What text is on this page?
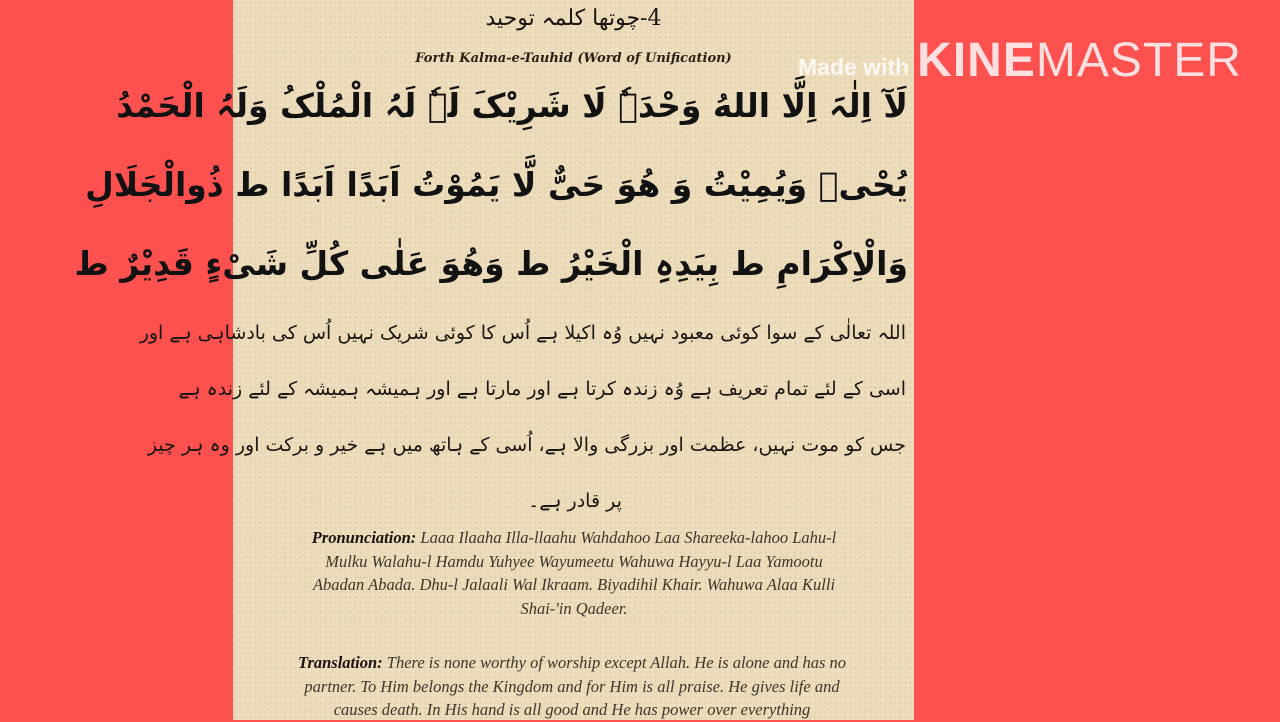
4-چوتھا کلمہ توحید
Forth Kalma-e-Tauhid (Word of Unification)
لَآ اِلٰہَ اِلَّا اللهُ وَحْدَہٗ لَا شَرِیْکَ لَہٗ لَہُ الْمُلْکُ وَلَہُ الْحَمْدُ
یُحْیٖ وَیُمِیْتُ وَ ھُوَ حَیٌّ لَّا یَمُوْتُ اَبَدًا اَبَدًا ط ذُوالْجَلَالِ
وَالْاِکْرَامِ ط بِیَدِہِ الْخَیْرُ ط وَھُوَ عَلٰی کُلِّ شَیْءٍ قَدِیْرٌ ط
اللہ تعالٰی کے سوا کوئی معبود نہیں وُہ اکیلا ہے اُس کا کوئی شریک نہیں اُس کی بادشاہی ہے اور
اسی کے لئے تمام تعریف ہے وُہ زندہ کرتا ہے اور مارتا ہے اور ہمیشہ ہمیشہ کے لئے زندہ ہے
جس کو موت نہیں، عظمت اور بزرگی والا ہے، اُسی کے ہاتھ میں ہے خیر و برکت اور وہ ہر چیز
پر قادر ہے۔
Pronunciation: Laaa Ilaaha Illa-llaahu Wahdahoo Laa Shareeka-lahoo Lahu-l
Mulku Walahu-l Hamdu Yuhyee Wayumeetu Wahuwa Hayyu-l Laa Yamootu
Abadan Abada. Dhu-l Jalaali Wal Ikraam. Biyadihil Khair. Wahuwa Alaa Kulli
Shai-'in Qadeer.
Translation: There is none worthy of worship except Allah. He is alone and has no
partner. To Him belongs the Kingdom and for Him is all praise. He gives life and
causes death. In His hand is all good and He has power over everything
Made with KINE MASTER
